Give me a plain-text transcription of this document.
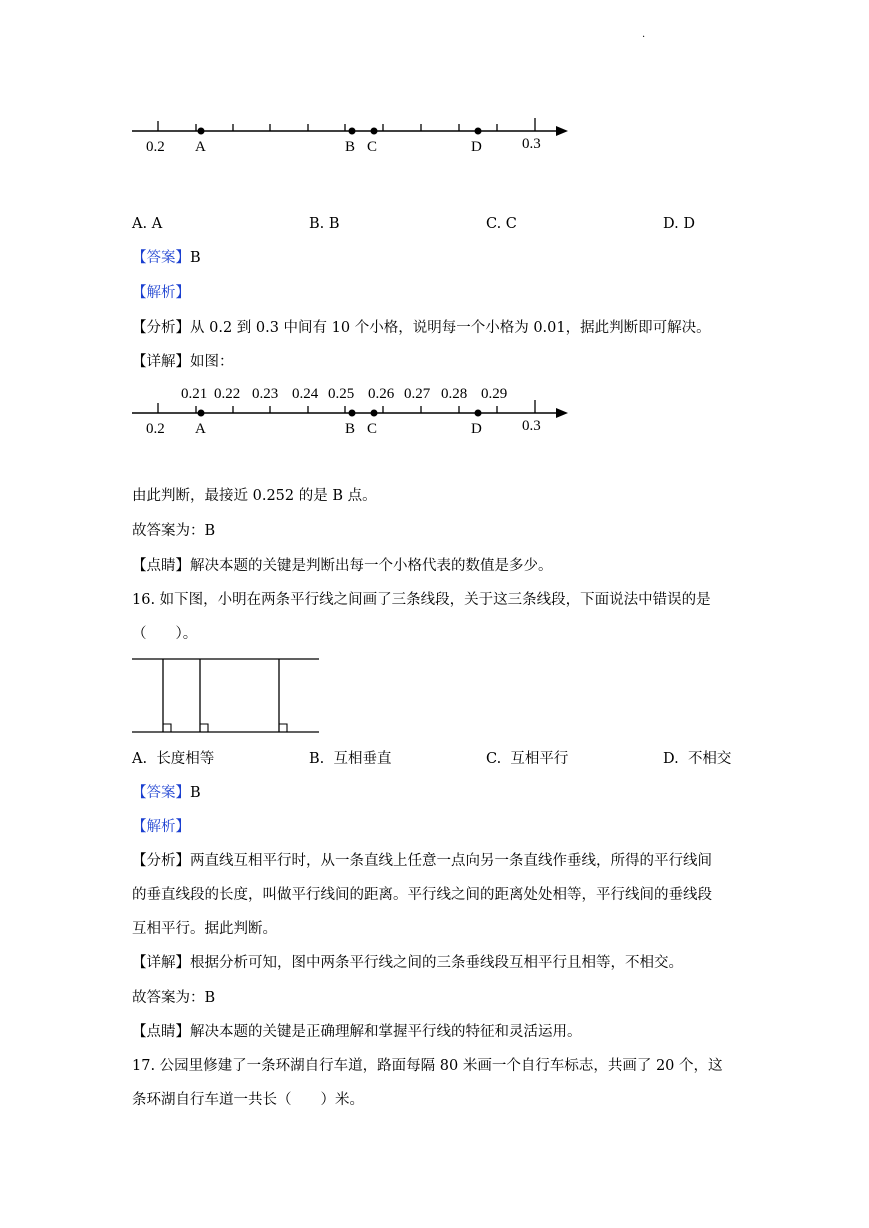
.
0.2	0.3
A	B C	D
A. A	B. B	C. C	D. D
【答案】B
【解析】
【分析】从 0.2 到 0.3 中间有 10 个小格，说明每一个小格为 0.01，据此判断即可解决。
【详解】如图：
0.21 0.22 0.23 0.24 0.25 0.26 0.27 0.28 0.29
0.2	0.3
A	B C	D
由此判断，最接近 0.252 的是 B 点。
故答案为：B
【点睛】解决本题的关键是判断出每一个小格代表的数值是多少。
16. 如下图，小明在两条平行线之间画了三条线段，关于这三条线段，下面说法中错误的是
（　　）。
A. 长度相等	B. 互相垂直	C. 互相平行	D. 不相交
【答案】B
【解析】
【分析】两直线互相平行时，从一条直线上任意一点向另一条直线作垂线，所得的平行线间
的垂直线段的长度，叫做平行线间的距离。平行线之间的距离处处相等，平行线间的垂线段
互相平行。据此判断。
【详解】根据分析可知，图中两条平行线之间的三条垂线段互相平行且相等，不相交。
故答案为：B
【点睛】解决本题的关键是正确理解和掌握平行线的特征和灵活运用。
17. 公园里修建了一条环湖自行车道，路面每隔 80 米画一个自行车标志，共画了 20 个，这
条环湖自行车道一共长（　　）米。
